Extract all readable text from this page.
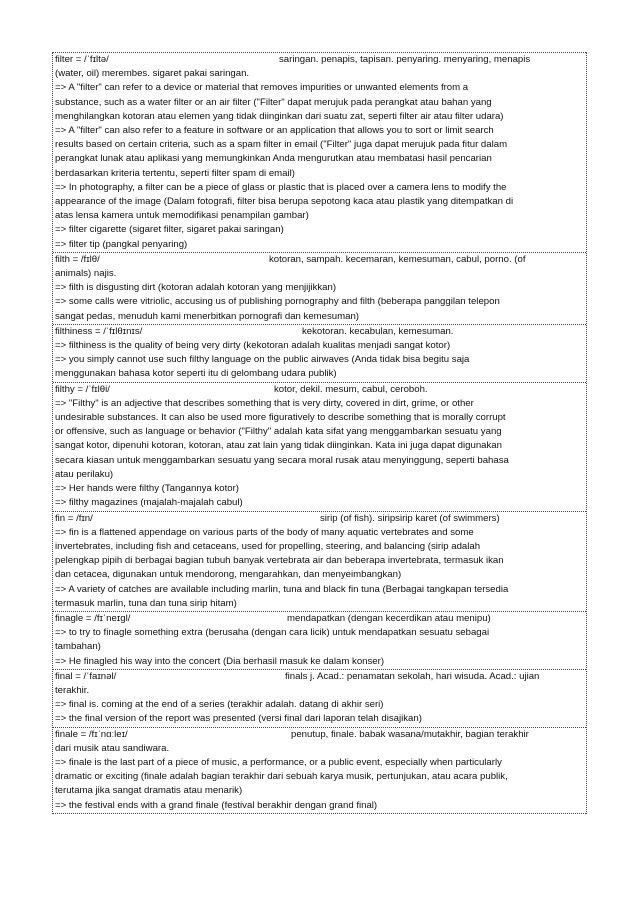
filter = /ˈfɪltə/	saringan. penapis, tapisan. penyaring. menyaring, menapis
(water, oil) merembes. sigaret pakai saringan.
=> A "filter" can refer to a device or material that removes impurities or unwanted elements from a
substance, such as a water filter or an air filter ("Filter" dapat merujuk pada perangkat atau bahan yang
menghilangkan kotoran atau elemen yang tidak diinginkan dari suatu zat, seperti filter air atau filter udara)
=> A "filter" can also refer to a feature in software or an application that allows you to sort or limit search
results based on certain criteria, such as a spam filter in email ("Filter" juga dapat merujuk pada fitur dalam
perangkat lunak atau aplikasi yang memungkinkan Anda mengurutkan atau membatasi hasil pencarian
berdasarkan kriteria tertentu, seperti filter spam di email)
=> In photography, a filter can be a piece of glass or plastic that is placed over a camera lens to modify the
appearance of the image (Dalam fotografi, filter bisa berupa sepotong kaca atau plastik yang ditempatkan di
atas lensa kamera untuk memodifikasi penampilan gambar)
=> filter cigarette (sigaret filter, sigaret pakai saringan)
=> filter tip (pangkal penyaring)
filth = /fɪlθ/	kotoran, sampah. kecemaran, kemesuman, cabul, porno. (of
animals) najis.
=> filth is disgusting dirt (kotoran adalah kotoran yang menjijikkan)
=> some calls were vitriolic, accusing us of publishing pornography and filth (beberapa panggilan telepon
sangat pedas, menuduh kami menerbitkan pornografi dan kemesuman)
filthiness = /ˈfɪlθɪnɪs/	kekotoran. kecabulan, kemesuman.
=> filthiness is the quality of being very dirty (kekotoran adalah kualitas menjadi sangat kotor)
=> you simply cannot use such filthy language on the public airwaves (Anda tidak bisa begitu saja
menggunakan bahasa kotor seperti itu di gelombang udara publik)
filthy = /ˈfɪlθi/	kotor, dekil. mesum, cabul, ceroboh.
=> "Filthy" is an adjective that describes something that is very dirty, covered in dirt, grime, or other
undesirable substances. It can also be used more figuratively to describe something that is morally corrupt
or offensive, such as language or behavior ("Filthy" adalah kata sifat yang menggambarkan sesuatu yang
sangat kotor, dipenuhi kotoran, kotoran, atau zat lain yang tidak diinginkan. Kata ini juga dapat digunakan
secara kiasan untuk menggambarkan sesuatu yang secara moral rusak atau menyinggung, seperti bahasa
atau perilaku)
=> Her hands were filthy (Tangannya kotor)
=> filthy magazines (majalah-majalah cabul)
fin = /fɪn/	sirip (of fish). siripsirip karet (of swimmers)
=> fin is a flattened appendage on various parts of the body of many aquatic vertebrates and some
invertebrates, including fish and cetaceans, used for propelling, steering, and balancing (sirip adalah
pelengkap pipih di berbagai bagian tubuh banyak vertebrata air dan beberapa invertebrata, termasuk ikan
dan cetacea, digunakan untuk mendorong, mengarahkan, dan menyeimbangkan)
=> A variety of catches are available including marlin, tuna and black fin tuna (Berbagai tangkapan tersedia
termasuk marlin, tuna dan tuna sirip hitam)
finagle = /fɪˈneɪɡl/	mendapatkan (dengan kecerdikan atau menipu)
=> to try to finagle something extra (berusaha (dengan cara licik) untuk mendapatkan sesuatu sebagai
tambahan)
=> He finagled his way into the concert (Dia berhasil masuk ke dalam konser)
final = /ˈfaɪnəl/	finals j. Acad.: penamatan sekolah, hari wisuda. Acad.: ujian
terakhir.
=> final is. coming at the end of a series (terakhir adalah. datang di akhir seri)
=> the final version of the report was presented (versi final dari laporan telah disajikan)
finale = /fɪˈnɑːleɪ/	penutup, finale. babak wasana/mutakhir, bagian terakhir
dari musik atau sandiwara.
=> finale is the last part of a piece of music, a performance, or a public event, especially when particularly
dramatic or exciting (finale adalah bagian terakhir dari sebuah karya musik, pertunjukan, atau acara publik,
terutama jika sangat dramatis atau menarik)
=> the festival ends with a grand finale (festival berakhir dengan grand final)
